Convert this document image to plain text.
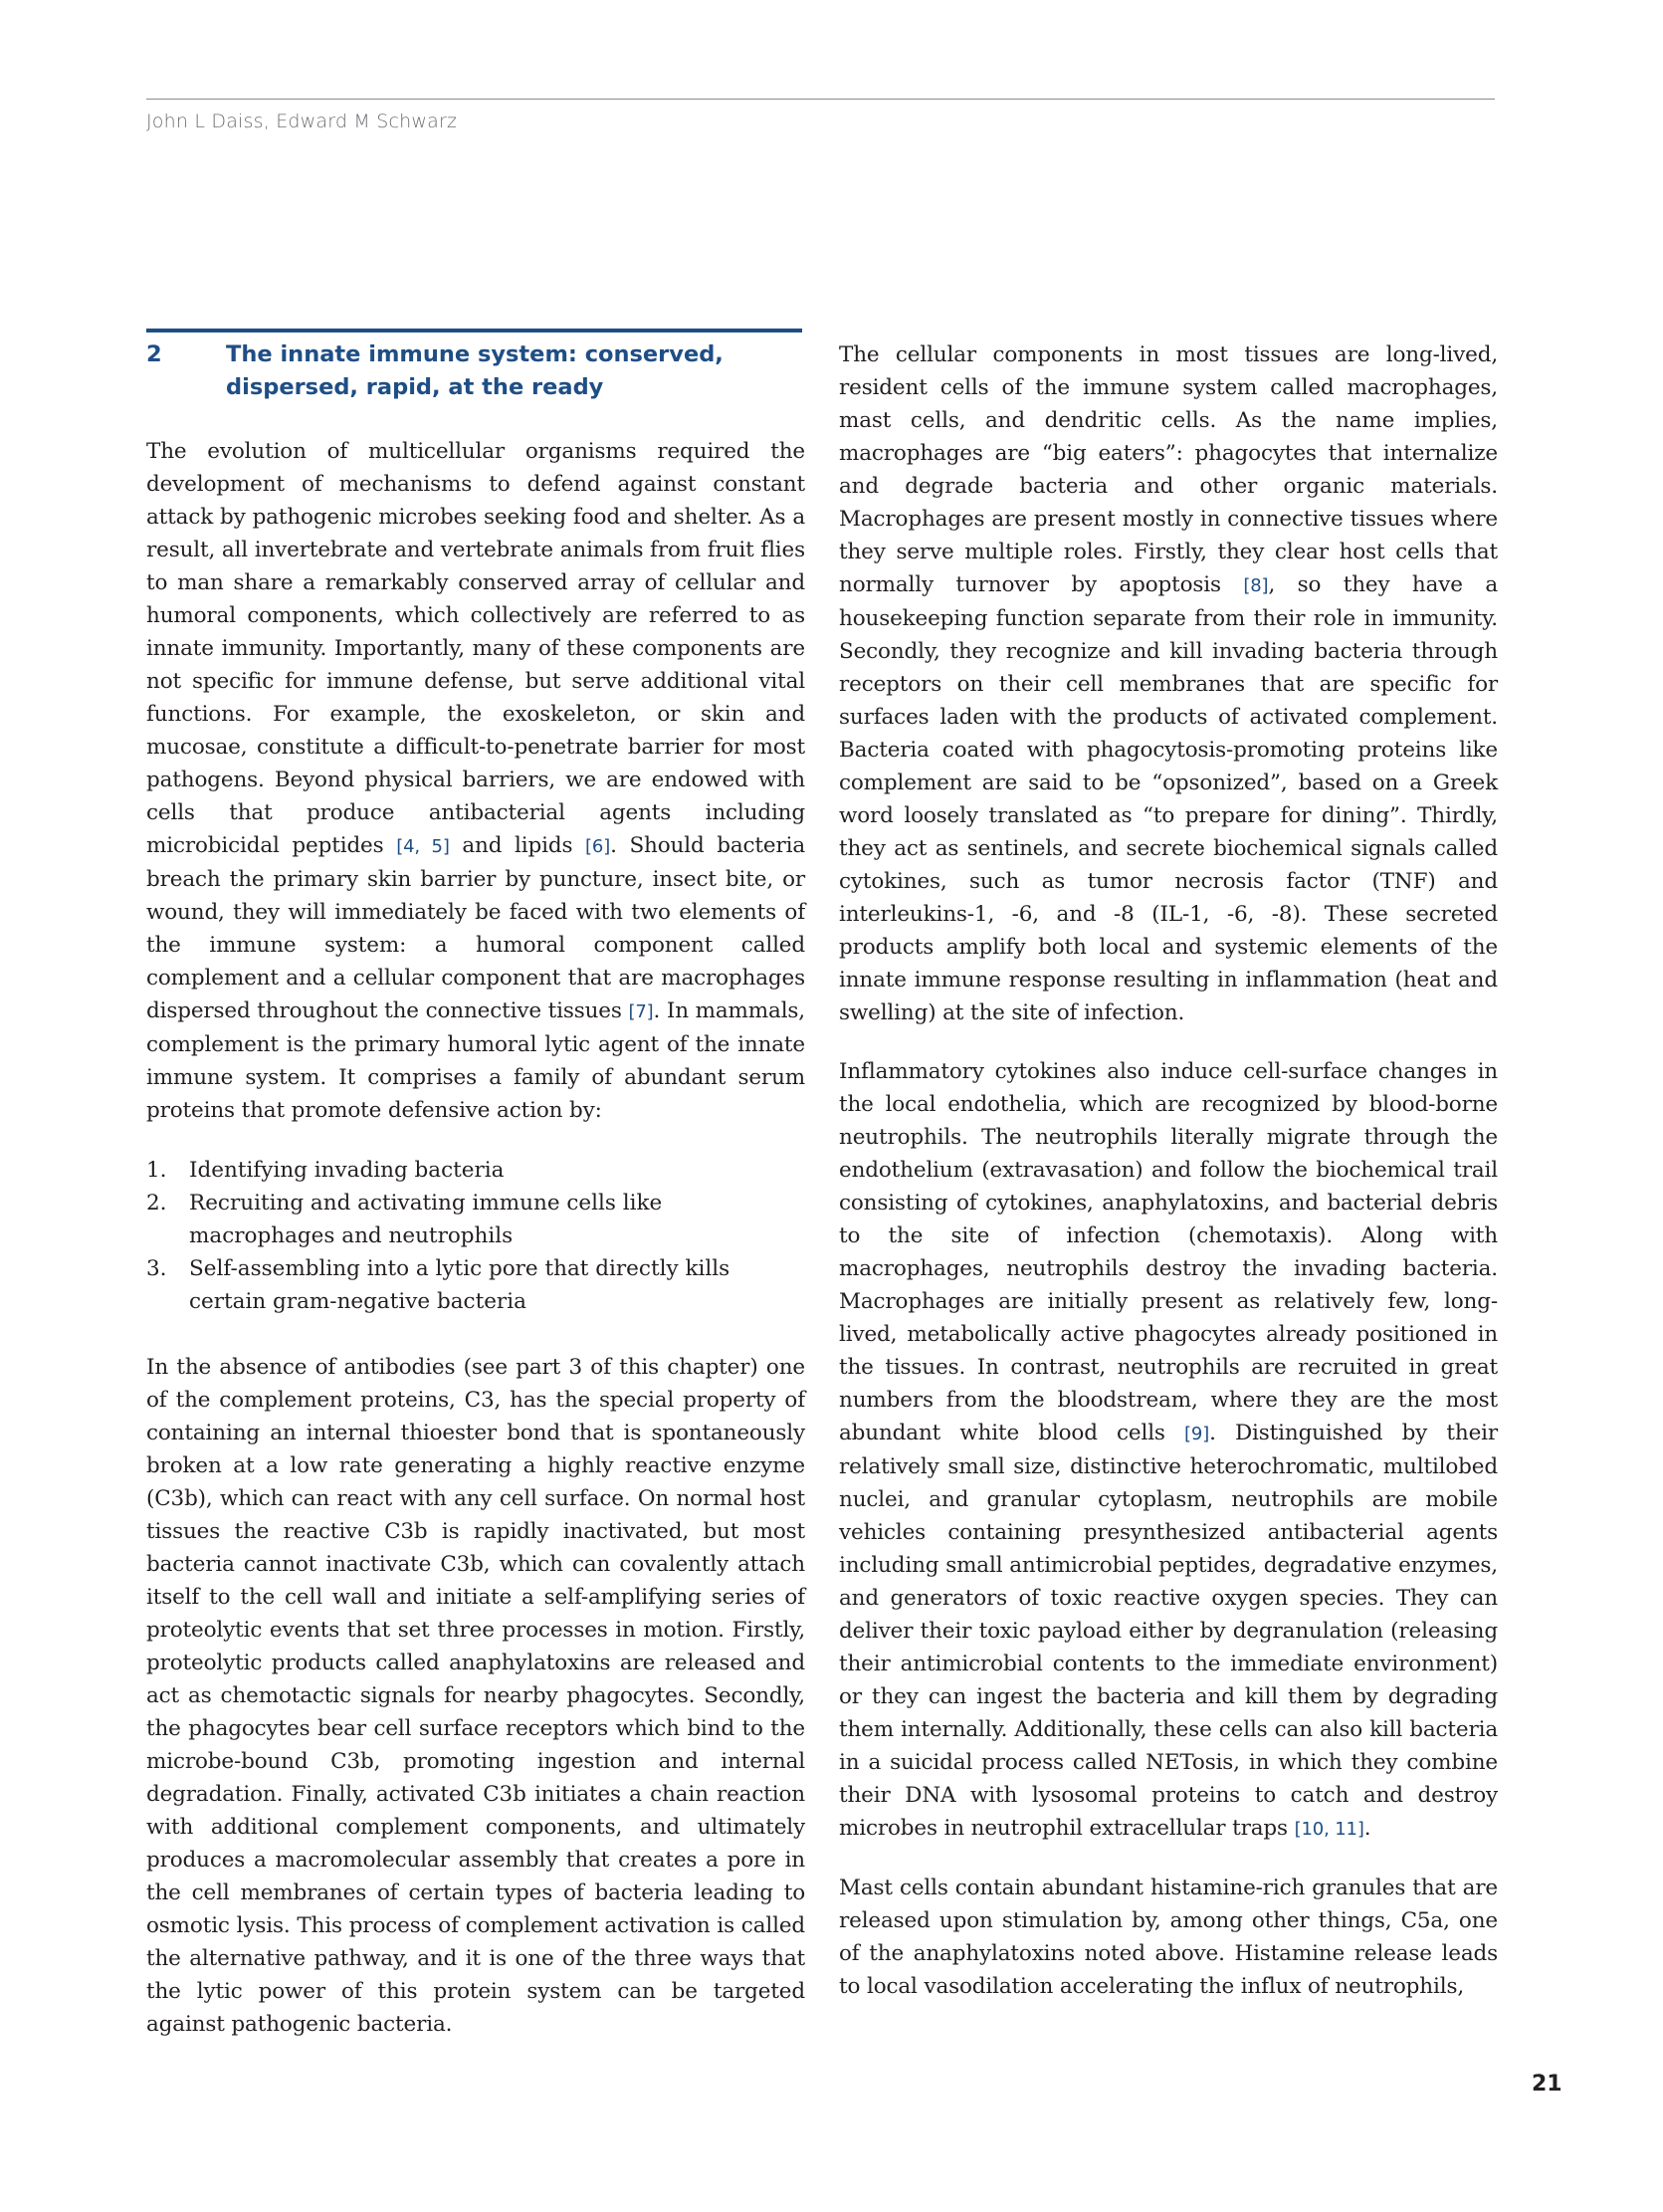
John L Daiss, Edward M Schwarz
2	The innate immune system: conserved, dispersed, rapid, at the ready

The evolution of multicellular organisms required the development of mechanisms to defend against constant attack by pathogenic microbes seeking food and shelter. As a result, all invertebrate and vertebrate animals from fruit flies to man share a remarkably conserved array of cellular and humoral components, which collectively are referred to as innate immunity. Importantly, many of these components are not specific for immune defense, but serve additional vital functions. For example, the exoskeleton, or skin and mucosae, constitute a difficult-to-penetrate barrier for most pathogens. Beyond physical barriers, we are endowed with cells that produce antibacterial agents including microbicidal peptides [4, 5] and lipids [6]. Should bacteria breach the primary skin barrier by puncture, insect bite, or wound, they will immediately be faced with two elements of the immune system: a humoral component called complement and a cellular component that are macrophages dispersed throughout the connective tissues [7]. In mammals, complement is the primary humoral lytic agent of the innate immune system. It comprises a family of abundant serum proteins that promote defensive action by:

1. Identifying invading bacteria
2. Recruiting and activating immune cells like macrophages and neutrophils
3. Self-assembling into a lytic pore that directly kills certain gram-negative bacteria

In the absence of antibodies (see part 3 of this chapter) one of the complement proteins, C3, has the special property of containing an internal thioester bond that is spontaneously broken at a low rate generating a highly reactive enzyme (C3b), which can react with any cell surface. On normal host tissues the reactive C3b is rapidly inactivated, but most bacteria cannot inactivate C3b, which can covalently attach itself to the cell wall and initiate a self-amplifying series of proteolytic events that set three processes in motion. Firstly, proteolytic products called anaphylatoxins are released and act as chemotactic signals for nearby phagocytes. Secondly, the phagocytes bear cell surface receptors which bind to the microbe-bound C3b, promoting ingestion and internal degradation. Finally, activated C3b initiates a chain reaction with additional complement components, and ultimately produces a macromolecular assembly that creates a pore in the cell membranes of certain types of bacteria leading to osmotic lysis. This process of complement activation is called the alternative pathway, and it is one of the three ways that the lytic power of this protein system can be targeted against pathogenic bacteria.

The cellular components in most tissues are long-lived, resident cells of the immune system called macrophages, mast cells, and dendritic cells. As the name implies, macrophages are “big eaters”: phagocytes that internalize and degrade bacteria and other organic materials. Macrophages are present mostly in connective tissues where they serve multiple roles. Firstly, they clear host cells that normally turnover by apoptosis [8], so they have a housekeeping function separate from their role in immunity. Secondly, they recognize and kill invading bacteria through receptors on their cell membranes that are specific for surfaces laden with the products of activated complement. Bacteria coated with phagocytosis-promoting proteins like complement are said to be “opsonized”, based on a Greek word loosely translated as “to prepare for dining”. Thirdly, they act as sentinels, and secrete biochemical signals called cytokines, such as tumor necrosis factor (TNF) and interleukins-1, -6, and -8 (IL-1, -6, -8). These secreted products amplify both local and systemic elements of the innate immune response resulting in inflammation (heat and swelling) at the site of infection.

Inflammatory cytokines also induce cell-surface changes in the local endothelia, which are recognized by blood-borne neutrophils. The neutrophils literally migrate through the endothelium (extravasation) and follow the biochemical trail consisting of cytokines, anaphylatoxins, and bacterial debris to the site of infection (chemotaxis). Along with macrophages, neutrophils destroy the invading bacteria. Macrophages are initially present as relatively few, long-lived, metabolically active phagocytes already positioned in the tissues. In contrast, neutrophils are recruited in great numbers from the bloodstream, where they are the most abundant white blood cells [9]. Distinguished by their relatively small size, distinctive heterochromatic, multilobed nuclei, and granular cytoplasm, neutrophils are mobile vehicles containing presynthesized antibacterial agents including small antimicrobial peptides, degradative enzymes, and generators of toxic reactive oxygen species. They can deliver their toxic payload either by degranulation (releasing their antimicrobial contents to the immediate environment) or they can ingest the bacteria and kill them by degrading them internally. Additionally, these cells can also kill bacteria in a suicidal process called NETosis, in which they combine their DNA with lysosomal proteins to catch and destroy microbes in neutrophil extracellular traps [10, 11].

Mast cells contain abundant histamine-rich granules that are released upon stimulation by, among other things, C5a, one of the anaphylatoxins noted above. Histamine release leads to local vasodilation accelerating the influx of neutrophils,

21
